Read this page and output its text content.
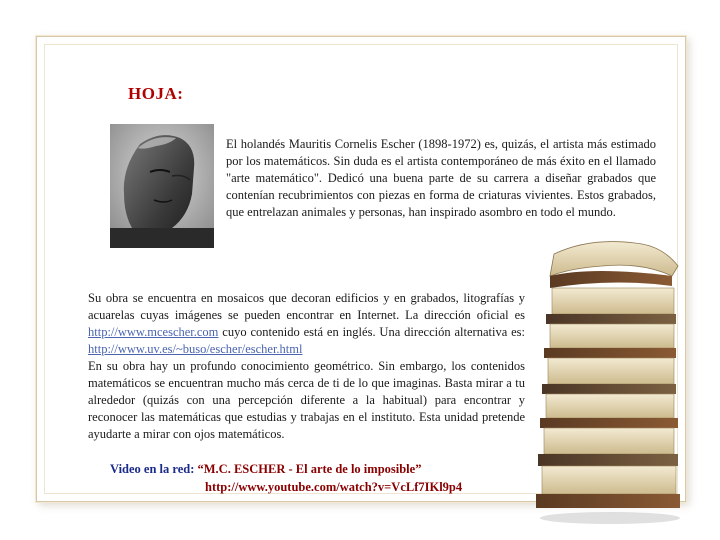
HOJA:
El holandés Mauritis Cornelis Escher (1898-1972) es, quizás, el artista más estimado por los matemáticos. Sin duda es el artista contemporáneo de más éxito en el llamado "arte matemático". Dedicó una buena parte de su carrera a diseñar grabados que contenían recubrimientos con piezas en forma de criaturas vivientes. Estos grabados, que entrelazan animales y personas, han inspirado asombro en todo el mundo.
Su obra se encuentra en mosaicos que decoran edificios y en grabados, litografías y acuarelas cuyas imágenes se pueden encontrar en Internet. La dirección oficial es http://www.mcescher.com cuyo contenido está en inglés. Una dirección alternativa es: http://www.uv.es/~buso/escher/escher.html
En su obra hay un profundo conocimiento geométrico. Sin embargo, los contenidos matemáticos se encuentran mucho más cerca de ti de lo que imaginas. Basta mirar a tu alrededor (quizás con una percepción diferente a la habitual) para encontrar y reconocer las matemáticas que estudias y trabajas en el instituto. Esta unidad pretende ayudarte a mirar con ojos matemáticos.
Video en la red: “M.C. ESCHER - El arte de lo imposible”
http://www.youtube.com/watch?v=VcLf7IKl9p4
